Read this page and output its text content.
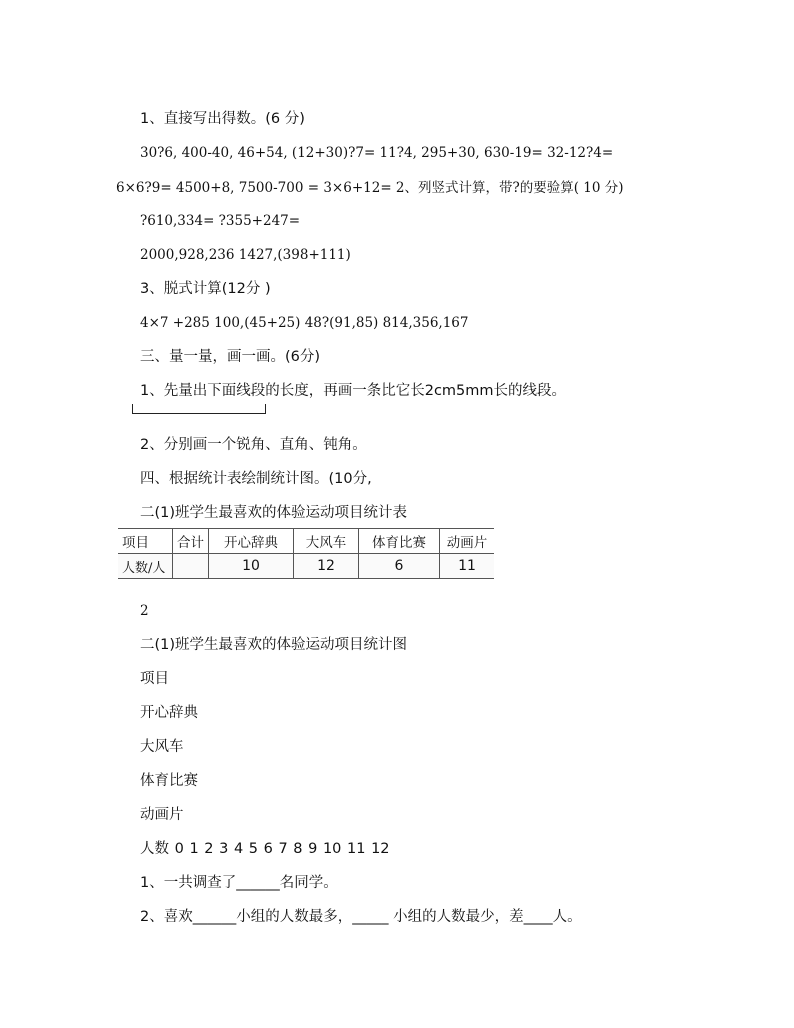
1、直接写出得数。(6 分)
30?6, 400-40, 46+54, (12+30)?7= 11?4, 295+30, 630-19= 32-12?4=
6×6?9= 4500+8, 7500-700 = 3×6+12= 2、列竖式计算，带?的要验算( 10 分)
?610,334= ?355+247=
2000,928,236 1427,(398+111)
3、脱式计算(12分 )
4×7 +285 100,(45+25) 48?(91,85) 814,356,167
三、量一量，画一画。(6分)
1、先量出下面线段的长度，再画一条比它长2cm5mm长的线段。
2、分别画一个锐角、直角、钝角。
四、根据统计表绘制统计图。(10分,
二(1)班学生最喜欢的体验运动项目统计表
项目	合计	开心辞典	大风车	体育比赛	动画片
人数/人		10	12	6	11
2
二(1)班学生最喜欢的体验运动项目统计图
项目
开心辞典
大风车
体育比赛
动画片
人数 0 1 2 3 4 5 6 7 8 9 10 11 12
1、一共调查了______名同学。
2、喜欢______小组的人数最多，_____ 小组的人数最少，差____人。
